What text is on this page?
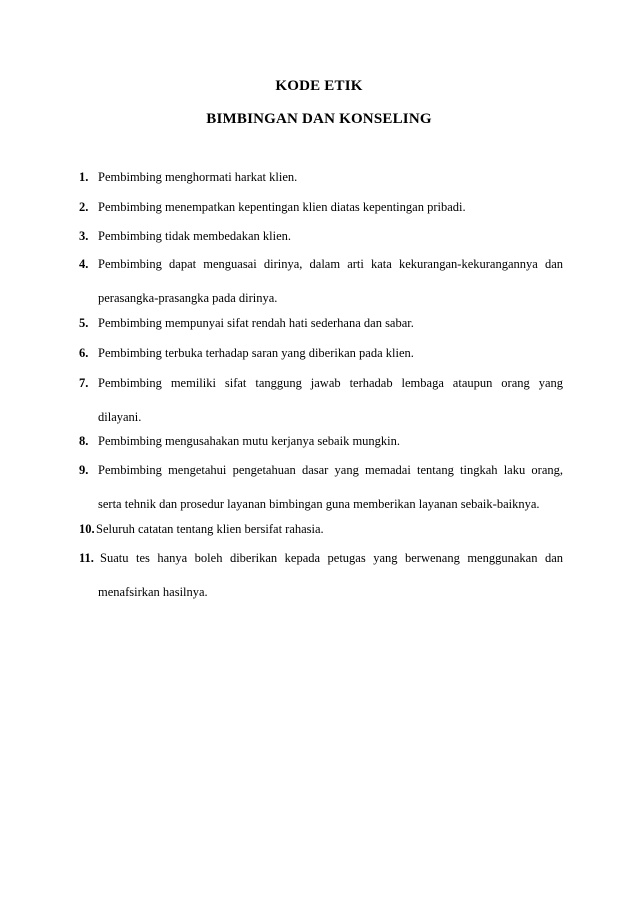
KODE ETIK
BIMBINGAN DAN KONSELING
1. Pembimbing menghormati harkat klien.
2. Pembimbing menempatkan kepentingan klien diatas kepentingan pribadi.
3. Pembimbing tidak membedakan klien.
4. Pembimbing dapat menguasai dirinya, dalam arti kata kekurangan-kekurangannya dan
perasangka-prasangka pada dirinya.
5. Pembimbing mempunyai sifat rendah hati sederhana dan sabar.
6. Pembimbing terbuka terhadap saran yang diberikan pada klien.
7. Pembimbing memiliki sifat tanggung jawab terhadab lembaga ataupun orang yang
dilayani.
8. Pembimbing mengusahakan mutu kerjanya sebaik mungkin.
9. Pembimbing mengetahui pengetahuan dasar yang memadai tentang tingkah laku orang,
serta tehnik dan prosedur layanan bimbingan guna memberikan layanan sebaik-baiknya.
10. Seluruh catatan tentang klien bersifat rahasia.
11. Suatu tes hanya boleh diberikan kepada petugas yang berwenang menggunakan dan
menafsirkan hasilnya.
